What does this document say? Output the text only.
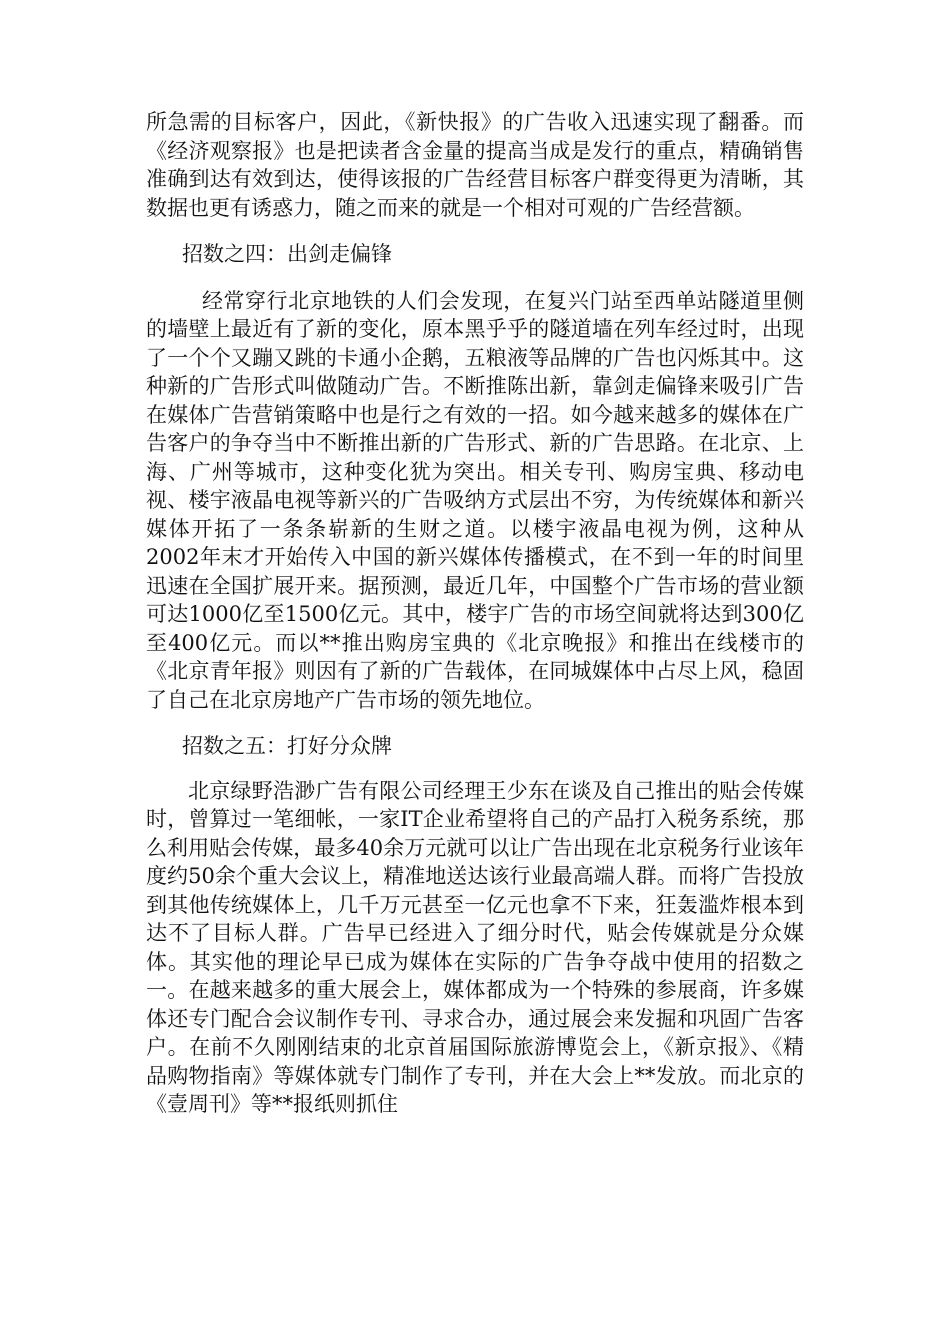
所急需的目标客户，因此，《新快报》的广告收入迅速实现了翻番。而《经济观察报》也是把读者含金量的提高当成是发行的重点，精确销售准确到达有效到达，使得该报的广告经营目标客户群变得更为清晰，其数据也更有诱惑力，随之而来的就是一个相对可观的广告经营额。

招数之四：出剑走偏锋

经常穿行北京地铁的人们会发现，在复兴门站至西单站隧道里侧的墙壁上最近有了新的变化，原本黑乎乎的隧道墙在列车经过时，出现了一个个又蹦又跳的卡通小企鹅，五粮液等品牌的广告也闪烁其中。这种新的广告形式叫做随动广告。不断推陈出新，靠剑走偏锋来吸引广告在媒体广告营销策略中也是行之有效的一招。如今越来越多的媒体在广告客户的争夺当中不断推出新的广告形式、新的广告思路。在北京、上海、广州等城市，这种变化犹为突出。相关专刊、购房宝典、移动电视、楼宇液晶电视等新兴的广告吸纳方式层出不穷，为传统媒体和新兴媒体开拓了一条条崭新的生财之道。以楼宇液晶电视为例，这种从2002年末才开始传入中国的新兴媒体传播模式，在不到一年的时间里迅速在全国扩展开来。据预测，最近几年，中国整个广告市场的营业额可达1000亿至1500亿元。其中，楼宇广告的市场空间就将达到300亿至400亿元。而以**推出购房宝典的《北京晚报》和推出在线楼市的《北京青年报》则因有了新的广告载体，在同城媒体中占尽上风，稳固了自己在北京房地产广告市场的领先地位。

招数之五：打好分众牌

北京绿野浩渺广告有限公司经理王少东在谈及自己推出的贴会传媒时，曾算过一笔细帐，一家IT企业希望将自己的产品打入税务系统，那么利用贴会传媒，最多40余万元就可以让广告出现在北京税务行业该年度约50余个重大会议上，精准地送达该行业最高端人群。而将广告投放到其他传统媒体上，几千万元甚至一亿元也拿不下来，狂轰滥炸根本到达不了目标人群。广告早已经进入了细分时代，贴会传媒就是分众媒体。其实他的理论早已成为媒体在实际的广告争夺战中使用的招数之一。在越来越多的重大展会上，媒体都成为一个特殊的参展商，许多媒体还专门配合会议制作专刊、寻求合办，通过展会来发掘和巩固广告客户。在前不久刚刚结束的北京首届国际旅游博览会上，《新京报》、《精品购物指南》等媒体就专门制作了专刊，并在大会上**发放。而北京的《壹周刊》等**报纸则抓住
